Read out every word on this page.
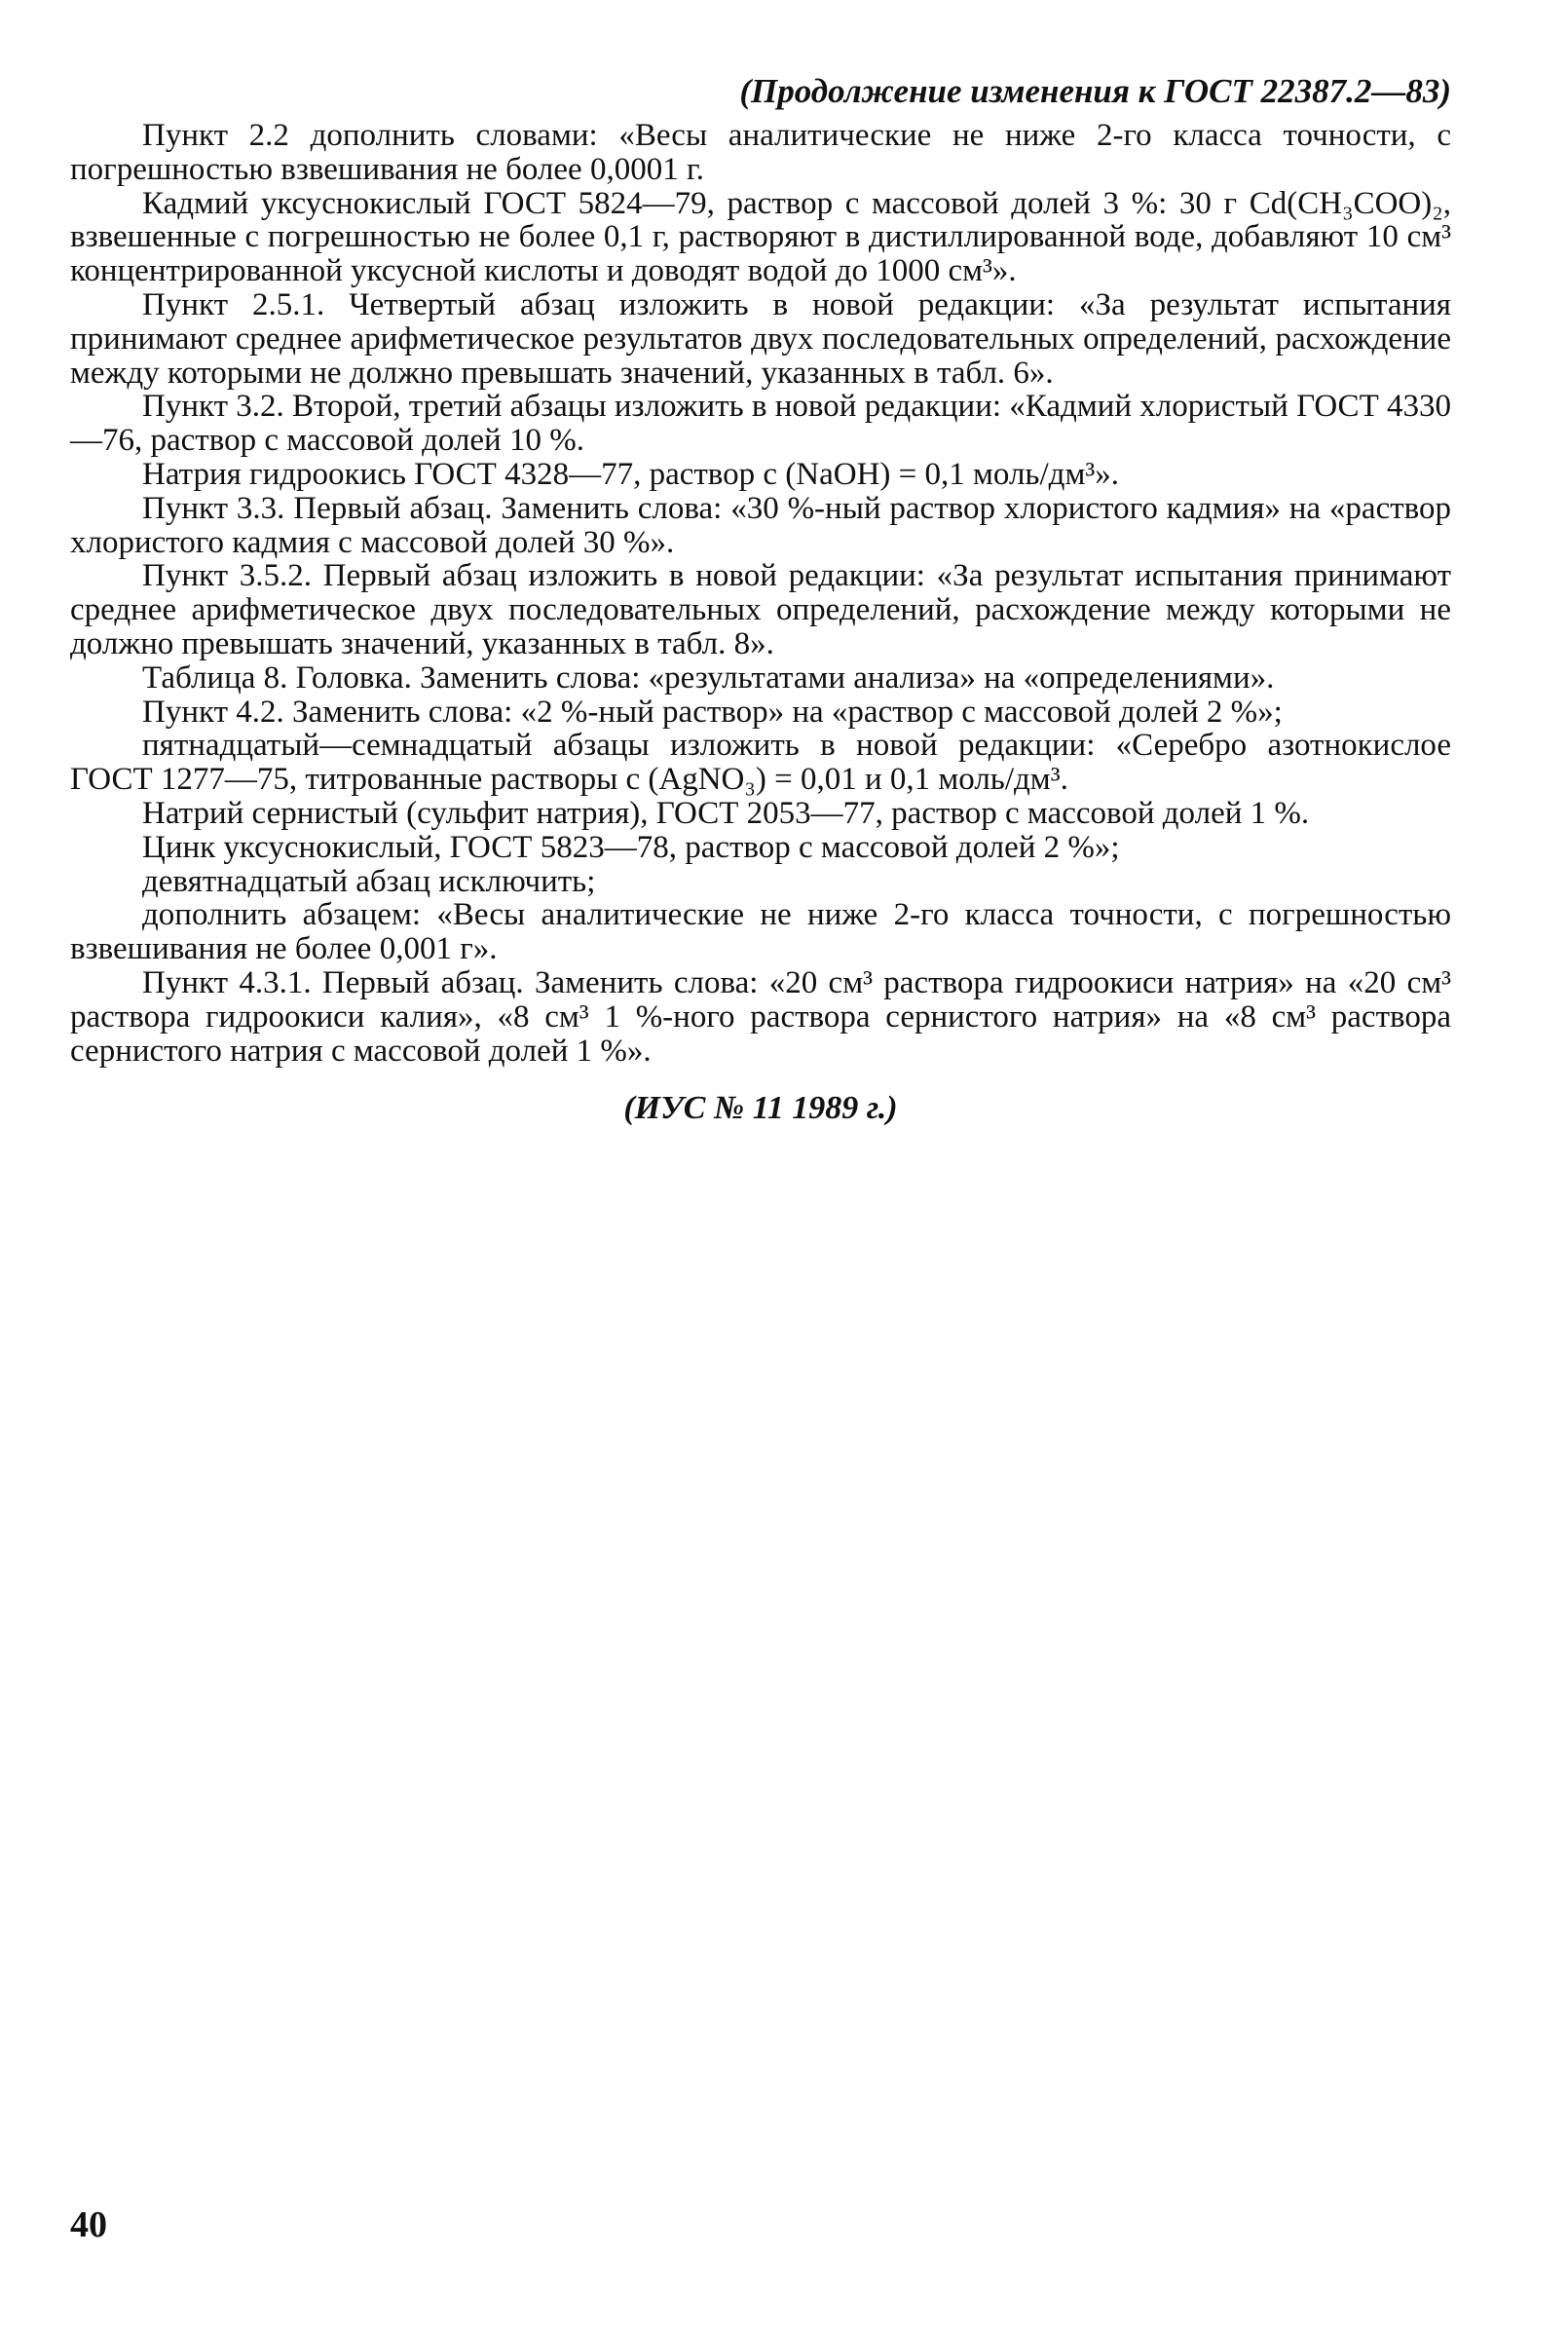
(Продолжение изменения к ГОСТ 22387.2—83)

Пункт 2.2 дополнить словами: «Весы аналитические не ниже 2-го класса точности, с погрешностью взвешивания не более 0,0001 г.

Кадмий уксуснокислый ГОСТ 5824—79, раствор с массовой долей 3 %: 30 г Cd(CH₃COO)₂, взвешенные с погрешностью не более 0,1 г, растворяют в дистиллированной воде, добавляют 10 см³ концентрированной уксусной кислоты и доводят водой до 1000 см³».

Пункт 2.5.1. Четвертый абзац изложить в новой редакции: «За результат испытания принимают среднее арифметическое результатов двух последовательных определений, расхождение между которыми не должно превышать значений, указанных в табл. 6».

Пункт 3.2. Второй, третий абзацы изложить в новой редакции: «Кадмий хлористый ГОСТ 4330—76, раствор с массовой долей 10 %.

Натрия гидроокись ГОСТ 4328—77, раствор с (NaOH) = 0,1 моль/дм³».

Пункт 3.3. Первый абзац. Заменить слова: «30 %-ный раствор хлористого кадмия» на «раствор хлористого кадмия с массовой долей 30 %».

Пункт 3.5.2. Первый абзац изложить в новой редакции: «За результат испытания принимают среднее арифметическое двух последовательных определений, расхождение между которыми не должно превышать значений, указанных в табл. 8».

Таблица 8. Головка. Заменить слова: «результатами анализа» на «определениями».

Пункт 4.2. Заменить слова: «2 %-ный раствор» на «раствор с массовой долей 2 %»;

пятнадцатый—семнадцатый абзацы изложить в новой редакции: «Серебро азотнокислое ГОСТ 1277—75, титрованные растворы с (AgNO₃) = 0,01 и 0,1 моль/дм³.

Натрий сернистый (сульфит натрия), ГОСТ 2053—77, раствор с массовой долей 1 %.

Цинк уксуснокислый, ГОСТ 5823—78, раствор с массовой долей 2 %»;

девятнадцатый абзац исключить;

дополнить абзацем: «Весы аналитические не ниже 2-го класса точности, с погрешностью взвешивания не более 0,001 г».

Пункт 4.3.1. Первый абзац. Заменить слова: «20 см³ раствора гидроокиси натрия» на «20 см³ раствора гидроокиси калия», «8 см³ 1 %-ного раствора сернистого натрия» на «8 см³ раствора сернистого натрия с массовой долей 1 %».

(ИУС № 11 1989 г.)
40
